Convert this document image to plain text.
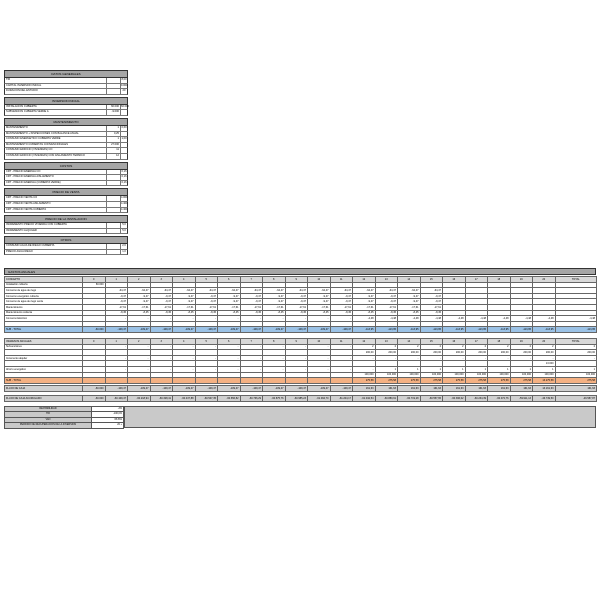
DATOS GENERALES
TIR	8,00
CAPITAL INVERSION INICIAL	9.000
DURACION DEL ESTUDIO	20
INVERSION INICIAL
INSTALACION CUBIERTA	60.000 60.000
SUBVENCION CUBIERTA VERDE A	-9.000
MANTENIMIENTO
MANTENIMIENTO	1 0,60
MANTENIMIENTO + INSPECCIONES CON BALANCE ANUAL	0,25
CONSUMO ENERGETICO CUBIERTA VERDE	1 1,00
MANTENIMIENTO CUBIERTAS CONVENCIONALES	27.000
CONSUMO EDIFICIO (VIVIENDAS) CO	11
CONSUMO EDIFICIO (VIVIENDAS) CON AISLAMIENTO TERMICO	12
COSTOS
CRT - PRECIO ENERGIA CO	0,16
CRT - PRECIO ENERGIA AISLAMIENTO	0,16
CRT - PRECIO ENERGIA (CUBIERTA VERDE)	0,16
PRECIO DE VENTA
CRT - PRECIO VENTA CO	4.000
CRT - PRECIO VENTA AISLAMIENTO	4.400
CRT - PRECIO VENTA CUBIERTA	4.400
PRECIO DE LA INSTALACION
INCREMENTO PRECIO VIVIENDA CON CUBIERTA	5,0
INCREMENTO ALQUILER	5,0
OTROS
CONSUMO AGUA DE RIEGO CUBIERTA	2,6
PRECIO AGUA RIEGO	1,0
GASTOS ANUALES
CONCEPTO	0	1	2	3	4	5	6	7	8	9	10	11	12	13	14	15	16	17	18	19	20	TOTAL	
Instalación cubierta	60.000																						
Consumo de agua de riego		-64,47	-64,47	-64,47	-64,47	-64,47	-64,47	-64,47	-64,47	-64,47	-64,47	-64,47	-64,47	-64,47	-64,47	-64,47							
Consumo energético cubierta		-9,47	-9,47	-9,47	-9,47	-9,47	-9,47	-9,47	-9,47	-9,47	-9,47	-9,47	-9,47	-9,47	-9,47	-9,47							
Consumo de agua de riego verde		-9,47	-9,47	-9,47	-9,47	-9,47	-9,47	-9,47	-9,47	-9,47	-9,47	-9,47	-9,47	-9,47	-9,47	-9,47							
Mantenimiento		-17,61	-17,61	-17,61	-17,61	-17,61	-17,61	-17,61	-17,61	-17,61	-17,61	-17,61	-17,61	-17,61	-17,61	-17,61							
Mantenimiento cubierta		-8,45	-8,45	-8,45	-8,45	-8,45	-8,45	-8,45	-8,45	-8,45	-8,45	-8,45	-8,45	-8,45	-8,45	-8,45							
Consumo Eléctrico		-	-	-	-	-	-	-	-	-	-	-	-4,48	-4,48	-4,48	-4,48	-4,48	-4,48	-4,48	-4,48	-4,48	-4,48	

SUB - TOTAL	-60.000	-109,47	-109,47	-109,47	-109,47	-109,47	-109,47	-109,47	-109,47	-109,47	-109,47	-109,47	-113,95	-113,95	-113,95	-113,95	-113,95	-113,95	-113,95	-113,95	-113,95	-113,95	
INGRESOS ANUALES	0	1	2	3	4	5	6	7	8	9	10	11	12	13	14	15	16	17	18	19	20	TOTAL	
Subvenciones		-	-	-	-	-	-	-	-	-	-	-	2	2	2	2	2	2	2	2	2	2	
													200,00	200,00	200,00	200,00	200,00	200,00	200,00	200,00	200,00	200,00	
Incremento alquiler		-	-	-	-	-	-	-	-	-	-	-	-	-	-	-	-	-	-	-	-	-	
																					13.000		
Ahorro energético		-	-	-	-	-	-	-	-	-	-	-	-	1	1	1	1	1	1	1	1	1	
													100,000	100,000	100,000	100,000	100,000	100,000	100,000	100,000	100,000	100,000	
SUB - TOTAL													275,58	275,58	275,58	275,58	275,58	275,58	275,58	275,58	13.275,58	275,58	
FLUJO DE CAJA	-60.000	-109,47	-109,47	-109,47	-109,47	-109,47	-109,47	-109,47	-109,47	-109,47	-109,47	-109,47	161,63	161,63	161,63	161,63	161,63	161,63	161,63	161,63	13.161,63	161,63	
FLUJO DE CAJA ACUMULADO	-60.000	-60.109,47	-60.218,94	-60.328,41	-60.437,88	-60.547,35	-60.656,82	-60.766,29	-60.875,76	-60.985,23	-61.094,70	-61.204,17	-61.042,54	-60.880,91	-60.719,28	-60.557,65	-60.396,02	-60.234,39	-60.072,76	-59.911,13	-46.749,50	-46.587,87	
RENTABILIDAD	-3%
TIR	-100,0%
VAN	-58.651
PERIODO DE RECUPERACION DE LA INVERSION	20 +
